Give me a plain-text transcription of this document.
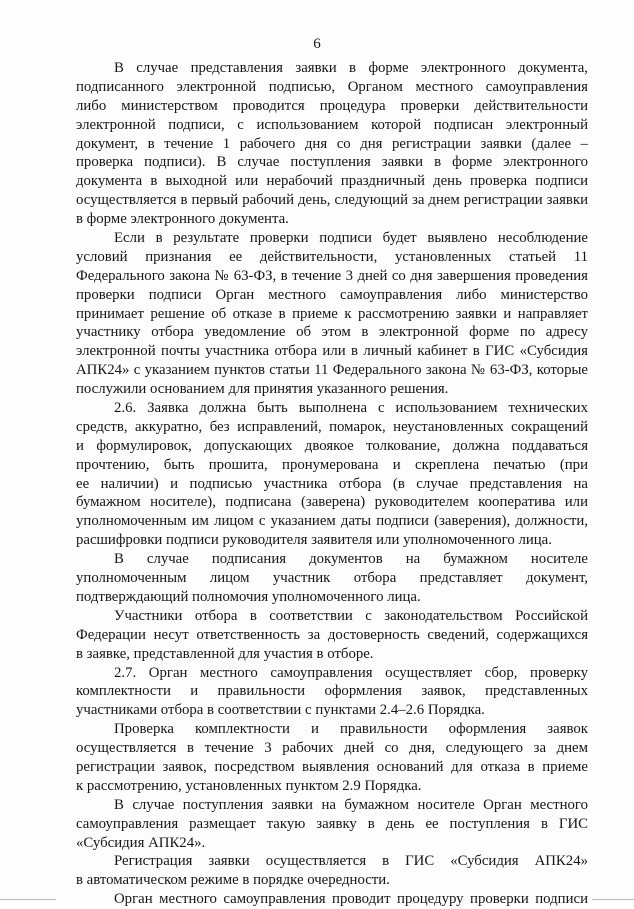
6
В случае представления заявки в форме электронного документа,
подписанного электронной подписью, Органом местного самоуправления
либо министерством проводится процедура проверки действительности
электронной подписи, с использованием которой подписан электронный
документ, в течение 1 рабочего дня со дня регистрации заявки (далее –
проверка подписи). В случае поступления заявки в форме электронного
документа в выходной или нерабочий праздничный день проверка подписи
осуществляется в первый рабочий день, следующий за днем регистрации заявки
в форме электронного документа.
Если в результате проверки подписи будет выявлено несоблюдение
условий признания ее действительности, установленных статьей 11
Федерального закона № 63-ФЗ, в течение 3 дней со дня завершения проведения
проверки подписи Орган местного самоуправления либо министерство
принимает решение об отказе в приеме к рассмотрению заявки и направляет
участнику отбора уведомление об этом в электронной форме по адресу
электронной почты участника отбора или в личный кабинет в ГИС «Субсидия
АПК24» с указанием пунктов статьи 11 Федерального закона № 63-ФЗ, которые
послужили основанием для принятия указанного решения.
2.6. Заявка должна быть выполнена с использованием технических
средств, аккуратно, без исправлений, помарок, неустановленных сокращений
и формулировок, допускающих двоякое толкование, должна поддаваться
прочтению, быть прошита, пронумерована и скреплена печатью (при
ее наличии) и подписью участника отбора (в случае представления на
бумажном носителе), подписана (заверена) руководителем кооператива или
уполномоченным им лицом с указанием даты подписи (заверения), должности,
расшифровки подписи руководителя заявителя или уполномоченного лица.
В случае подписания документов на бумажном носителе
уполномоченным лицом участник отбора представляет документ,
подтверждающий полномочия уполномоченного лица.
Участники отбора в соответствии с законодательством Российской
Федерации несут ответственность за достоверность сведений, содержащихся
в заявке, представленной для участия в отборе.
2.7. Орган местного самоуправления осуществляет сбор, проверку
комплектности и правильности оформления заявок, представленных
участниками отбора в соответствии с пунктами 2.4–2.6 Порядка.
Проверка комплектности и правильности оформления заявок
осуществляется в течение 3 рабочих дней со дня, следующего за днем
регистрации заявок, посредством выявления оснований для отказа в приеме
к рассмотрению, установленных пунктом 2.9 Порядка.
В случае поступления заявки на бумажном носителе Орган местного
самоуправления размещает такую заявку в день ее поступления в ГИС
«Субсидия АПК24».
Регистрация заявки осуществляется в ГИС «Субсидия АПК24»
в автоматическом режиме в порядке очередности.
Орган местного самоуправления проводит процедуру проверки подписи
